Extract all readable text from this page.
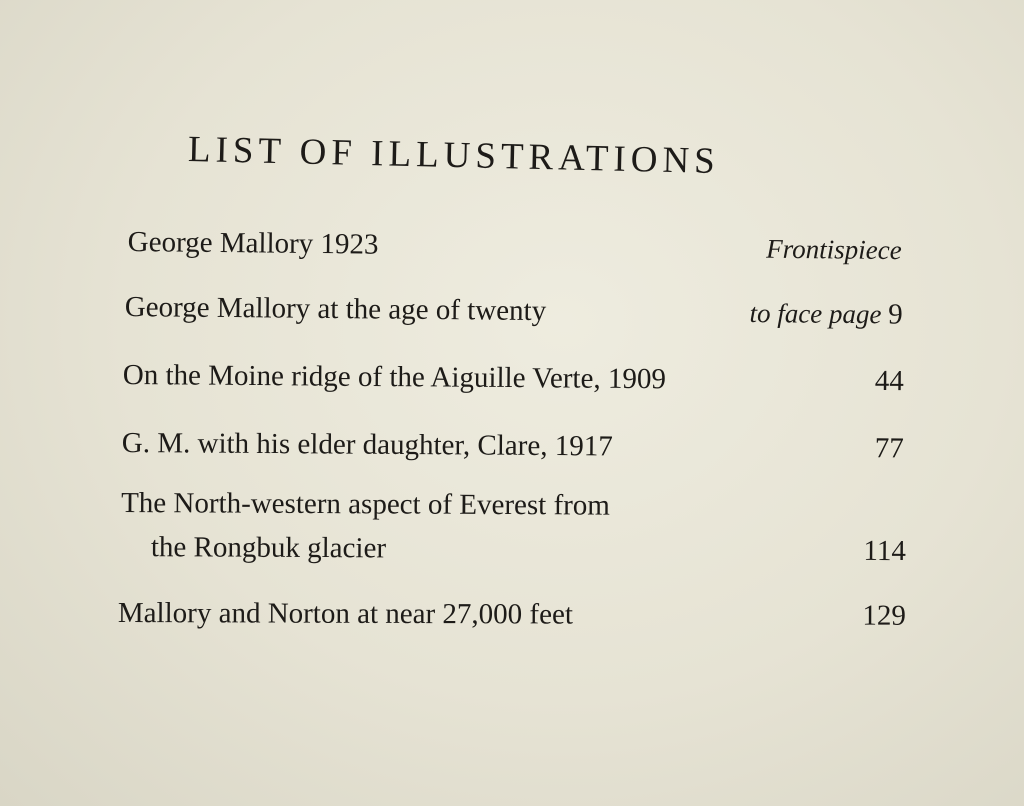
LIST OF ILLUSTRATIONS
George Mallory 1923	Frontispiece
George Mallory at the age of twenty	to face page 9
On the Moine ridge of the Aiguille Verte, 1909	44
G. M. with his elder daughter, Clare, 1917	77
The North-western aspect of Everest from
the Rongbuk glacier	114
Mallory and Norton at near 27,000 feet	129
